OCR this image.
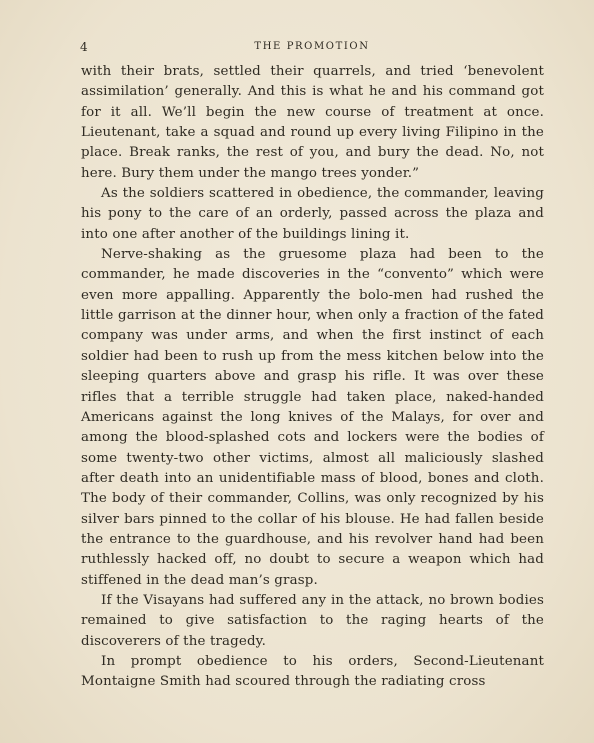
4	THE PROMOTION

with their brats, settled their quarrels, and tried ‘benevolent assimilation’ generally. And this is what he and his command got for it all. We’ll begin the new course of treatment at once. Lieutenant, take a squad and round up every living Filipino in the place. Break ranks, the rest of you, and bury the dead. No, not here. Bury them under the mango trees yonder.”

As the soldiers scattered in obedience, the commander, leaving his pony to the care of an orderly, passed across the plaza and into one after another of the buildings lining it.

Nerve-shaking as the gruesome plaza had been to the commander, he made discoveries in the “convento” which were even more appalling. Apparently the bolo-men had rushed the little garrison at the dinner hour, when only a fraction of the fated company was under arms, and when the first instinct of each soldier had been to rush up from the mess kitchen below into the sleeping quarters above and grasp his rifle. It was over these rifles that a terrible struggle had taken place, naked-handed Americans against the long knives of the Malays, for over and among the blood-splashed cots and lockers were the bodies of some twenty-two other victims, almost all maliciously slashed after death into an unidentifiable mass of blood, bones and cloth. The body of their commander, Collins, was only recognized by his silver bars pinned to the collar of his blouse. He had fallen beside the entrance to the guardhouse, and his revolver hand had been ruthlessly hacked off, no doubt to secure a weapon which had stiffened in the dead man’s grasp.

If the Visayans had suffered any in the attack, no brown bodies remained to give satisfaction to the raging hearts of the discoverers of the tragedy.

In prompt obedience to his orders, Second-Lieutenant Montaigne Smith had scoured through the radiating cross
